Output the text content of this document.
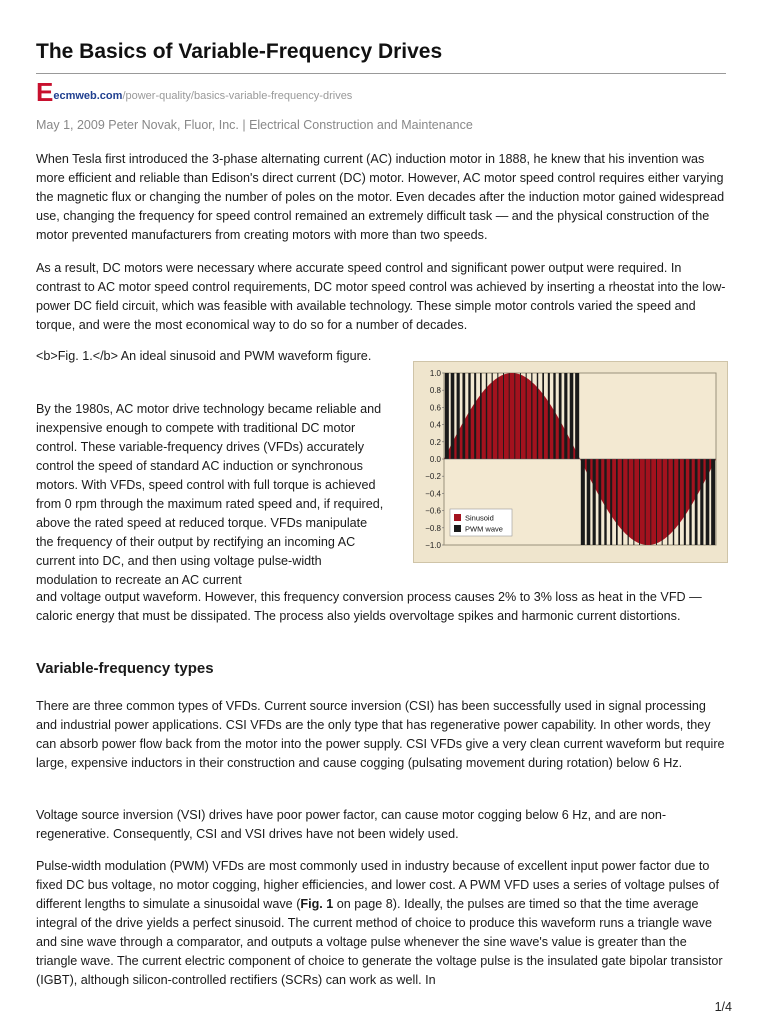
The Basics of Variable-Frequency Drives
E ecmweb.com /power-quality/basics-variable-frequency-drives
May 1, 2009 Peter Novak, Fluor, Inc. | Electrical Construction and Maintenance

When Tesla first introduced the 3-phase alternating current (AC) induction motor in 1888, he knew that his invention was more efficient and reliable than Edison's direct current (DC) motor. However, AC motor speed control requires either varying the magnetic flux or changing the number of poles on the motor. Even decades after the induction motor gained widespread use, changing the frequency for speed control remained an extremely difficult task — and the physical construction of the motor prevented manufacturers from creating motors with more than two speeds.

As a result, DC motors were necessary where accurate speed control and significant power output were required. In contrast to AC motor speed control requirements, DC motor speed control was achieved by inserting a rheostat into the low-power DC field circuit, which was feasible with available technology. These simple motor controls varied the speed and torque, and were the most economical way to do so for a number of decades.

<b>Fig. 1.</b> An ideal sinusoid and PWM waveform figure.

By the 1980s, AC motor drive technology became reliable and inexpensive enough to compete with traditional DC motor control. These variable-frequency drives (VFDs) accurately control the speed of standard AC induction or synchronous motors. With VFDs, speed control with full torque is achieved from 0 rpm through the maximum rated speed and, if required, above the rated speed at reduced torque. VFDs manipulate the frequency of their output by rectifying an incoming AC current into DC, and then using voltage pulse-width modulation to recreate an AC current

and voltage output waveform. However, this frequency conversion process causes 2% to 3% loss as heat in the VFD — caloric energy that must be dissipated. The process also yields overvoltage spikes and harmonic current distortions.

Variable-frequency types

There are three common types of VFDs. Current source inversion (CSI) has been successfully used in signal processing and industrial power applications. CSI VFDs are the only type that has regenerative power capability. In other words, they can absorb power flow back from the motor into the power supply. CSI VFDs give a very clean current waveform but require large, expensive inductors in their construction and cause cogging (pulsating movement during rotation) below 6 Hz.

Voltage source inversion (VSI) drives have poor power factor, can cause motor cogging below 6 Hz, and are non-regenerative. Consequently, CSI and VSI drives have not been widely used.

Pulse-width modulation (PWM) VFDs are most commonly used in industry because of excellent input power factor due to fixed DC bus voltage, no motor cogging, higher efficiencies, and lower cost. A PWM VFD uses a series of voltage pulses of different lengths to simulate a sinusoidal wave (Fig. 1 on page 8). Ideally, the pulses are timed so that the time average integral of the drive yields a perfect sinusoid. The current method of choice to produce this waveform runs a triangle wave and sine wave through a comparator, and outputs a voltage pulse whenever the sine wave's value is greater than the triangle wave. The current electric component of choice to generate the voltage pulse is the insulated gate bipolar transistor (IGBT), although silicon-controlled rectifiers (SCRs) can work as well. In

1.0
0.8
0.6
0.4
0.2
0.0
−0.2
−0.4
−0.6
−0.8
−1.0
Sinusoid
PWM wave
1/4
